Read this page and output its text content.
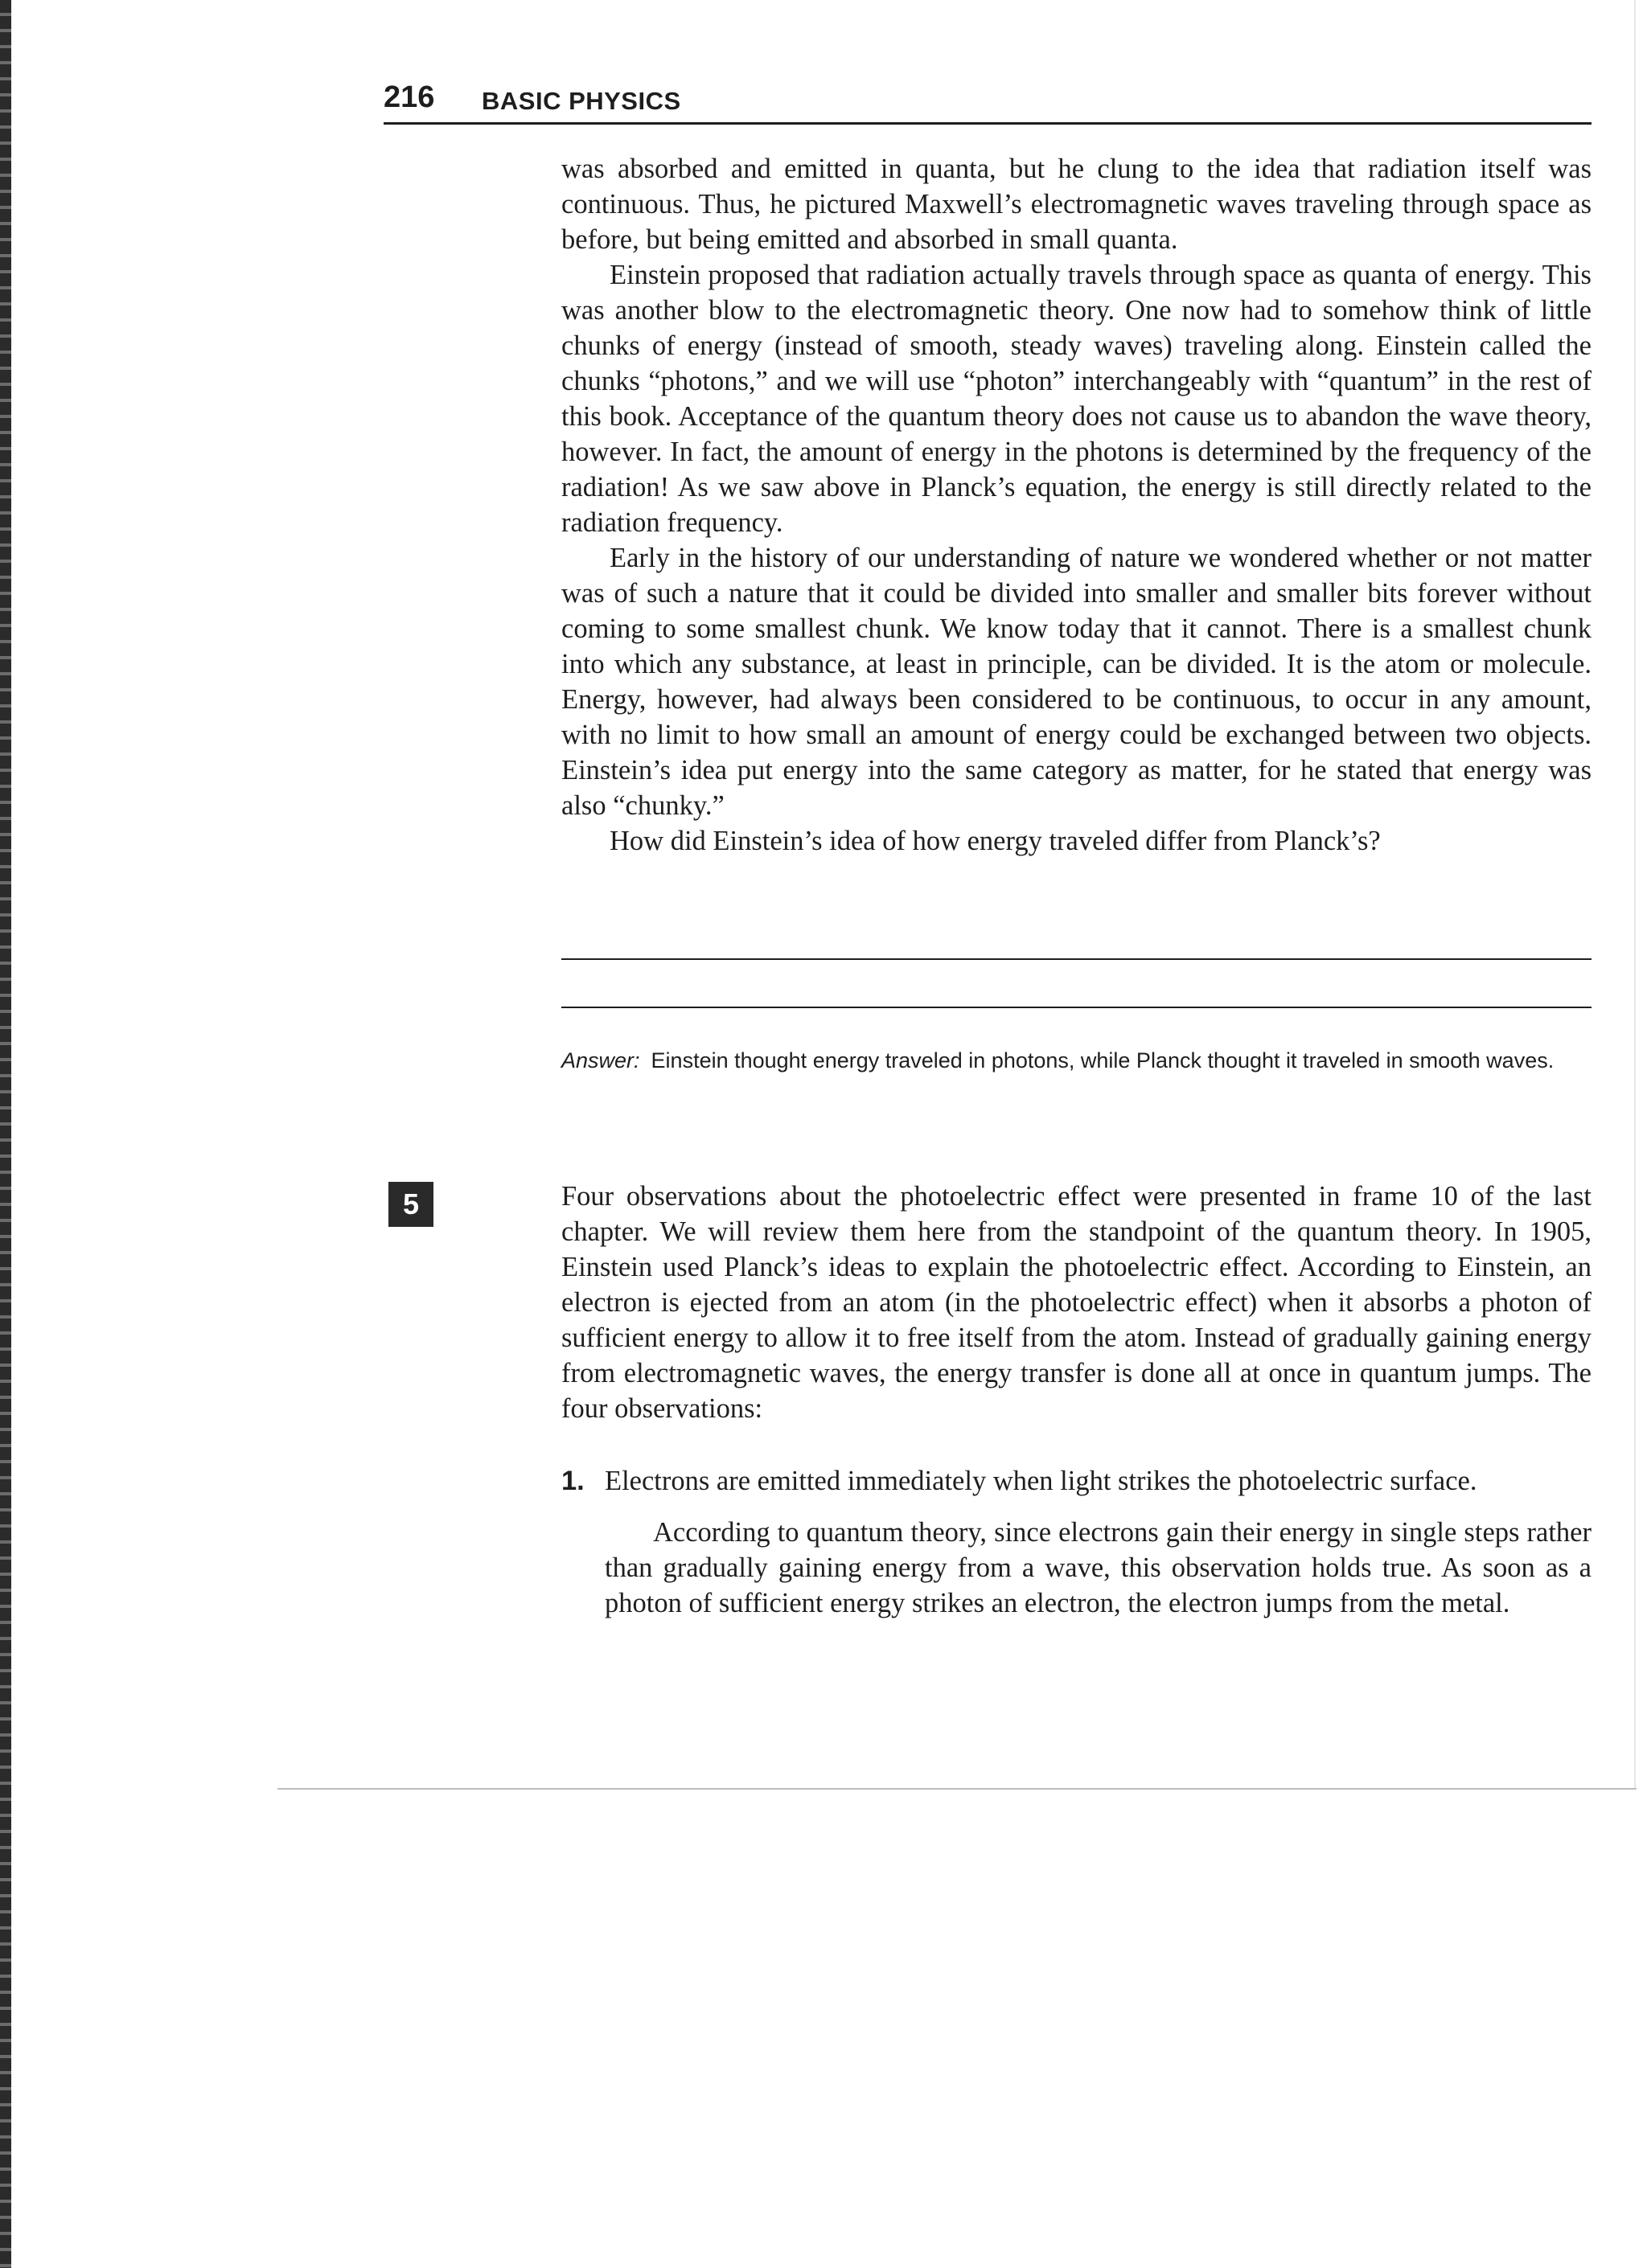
216 BASIC PHYSICS

was absorbed and emitted in quanta, but he clung to the idea that radiation itself was continuous. Thus, he pictured Maxwell’s electromagnetic waves traveling through space as before, but being emitted and absorbed in small quanta.

Einstein proposed that radiation actually travels through space as quanta of energy. This was another blow to the electromagnetic theory. One now had to somehow think of little chunks of energy (instead of smooth, steady waves) traveling along. Einstein called the chunks “photons,” and we will use “photon” interchangeably with “quantum” in the rest of this book. Acceptance of the quantum theory does not cause us to abandon the wave theory, however. In fact, the amount of energy in the photons is determined by the frequency of the radiation! As we saw above in Planck’s equation, the energy is still directly related to the radiation frequency.

Early in the history of our understanding of nature we wondered whether or not matter was of such a nature that it could be divided into smaller and smaller bits forever without coming to some smallest chunk. We know today that it cannot. There is a smallest chunk into which any substance, at least in principle, can be divided. It is the atom or molecule. Energy, however, had always been considered to be continuous, to occur in any amount, with no limit to how small an amount of energy could be exchanged between two objects. Einstein’s idea put energy into the same category as matter, for he stated that energy was also “chunky.”

How did Einstein’s idea of how energy traveled differ from Planck’s?

Answer: Einstein thought energy traveled in photons, while Planck thought it traveled in smooth waves.
5	Four observations about the photoelectric effect were presented in frame 10 of the last chapter. We will review them here from the standpoint of the quantum theory. In 1905, Einstein used Planck’s ideas to explain the photoelectric effect. According to Einstein, an electron is ejected from an atom (in the photoelectric effect) when it absorbs a photon of sufficient energy to allow it to free itself from the atom. Instead of gradually gaining energy from electromagnetic waves, the energy transfer is done all at once in quantum jumps. The four observations:

1. Electrons are emitted immediately when light strikes the photoelectric surface.

According to quantum theory, since electrons gain their energy in single steps rather than gradually gaining energy from a wave, this observation holds true. As soon as a photon of sufficient energy strikes an electron, the electron jumps from the metal.
